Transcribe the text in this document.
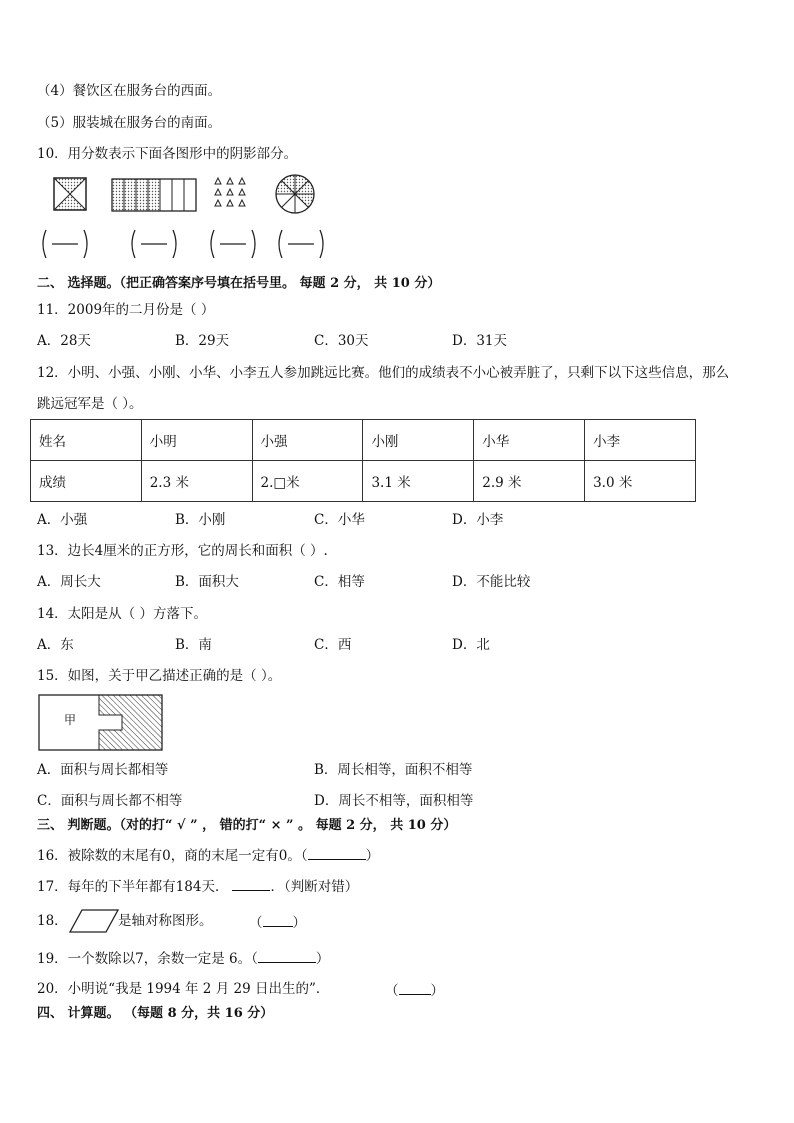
（4）餐饮区在服务台的西面。
（5）服装城在服务台的南面。
10．用分数表示下面各图形中的阴影部分。
二、 选择题。（把正确答案序号填在括号里。 每题 2 分， 共 10 分）
11．2009年的二月份是（ ）
A．28天	B．29天	C．30天	D．31天
12．小明、小强、小刚、小华、小李五人参加跳远比赛。他们的成绩表不小心被弄脏了，只剩下以下这些信息，那么
跳远冠军是（ ）。
姓名	小明	小强	小刚	小华	小李
成绩	2.3 米	2.□米	3.1 米	2.9 米	3.0 米
A．小强	B．小刚	C．小华	D．小李
13．边长4厘米的正方形，它的周长和面积（ ）.
A．周长大	B．面积大	C．相等	D．不能比较
14．太阳是从（ ）方落下。
A．东	B．南	C．西	D．北
15．如图，关于甲乙描述正确的是（ ）。
甲
A．面积与周长都相等	B．周长相等，面积不相等
C．面积与周长都不相等	D．周长不相等，面积相等
三、 判断题。（对的打“ √ ” ， 错的打“ × ” 。 每题 2 分， 共 10 分）
16．被除数的末尾有0，商的末尾一定有0。（	）
17．每年的下半年都有184天．	．（判断对错）
18．	是轴对称图形。	（ ）
19．一个数除以7，余数一定是 6。（	）
20．小明说“我是 1994 年 2 月 29 日出生的”．	（ ）
四、 计算题。 （每题 8 分，共 16 分）
